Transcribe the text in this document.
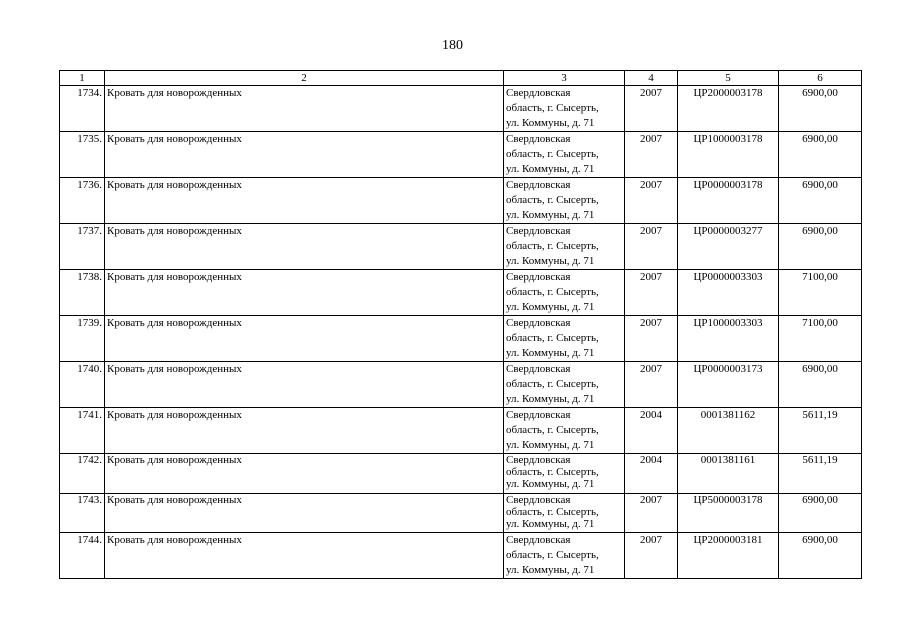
180
1	2	3	4	5	6
1734.	Кровать для новорожденных	Свердловская
область, г. Сысерть,
ул. Коммуны, д. 71	2007	ЦР2000003178	6900,00
1735.	Кровать для новорожденных	Свердловская
область, г. Сысерть,
ул. Коммуны, д. 71	2007	ЦР1000003178	6900,00
1736.	Кровать для новорожденных	Свердловская
область, г. Сысерть,
ул. Коммуны, д. 71	2007	ЦР0000003178	6900,00
1737.	Кровать для новорожденных	Свердловская
область, г. Сысерть,
ул. Коммуны, д. 71	2007	ЦР0000003277	6900,00
1738.	Кровать для новорожденных	Свердловская
область, г. Сысерть,
ул. Коммуны, д. 71	2007	ЦР0000003303	7100,00
1739.	Кровать для новорожденных	Свердловская
область, г. Сысерть,
ул. Коммуны, д. 71	2007	ЦР1000003303	7100,00
1740.	Кровать для новорожденных	Свердловская
область, г. Сысерть,
ул. Коммуны, д. 71	2007	ЦР0000003173	6900,00
1741.	Кровать для новорожденных	Свердловская
область, г. Сысерть,
ул. Коммуны, д. 71	2004	0001381162	5611,19
1742.	Кровать для новорожденных	Свердловская
область, г. Сысерть,
ул. Коммуны, д. 71	2004	0001381161	5611,19
1743.	Кровать для новорожденных	Свердловская
область, г. Сысерть,
ул. Коммуны, д. 71	2007	ЦР5000003178	6900,00
1744.	Кровать для новорожденных	Свердловская
область, г. Сысерть,
ул. Коммуны, д. 71	2007	ЦР2000003181	6900,00
